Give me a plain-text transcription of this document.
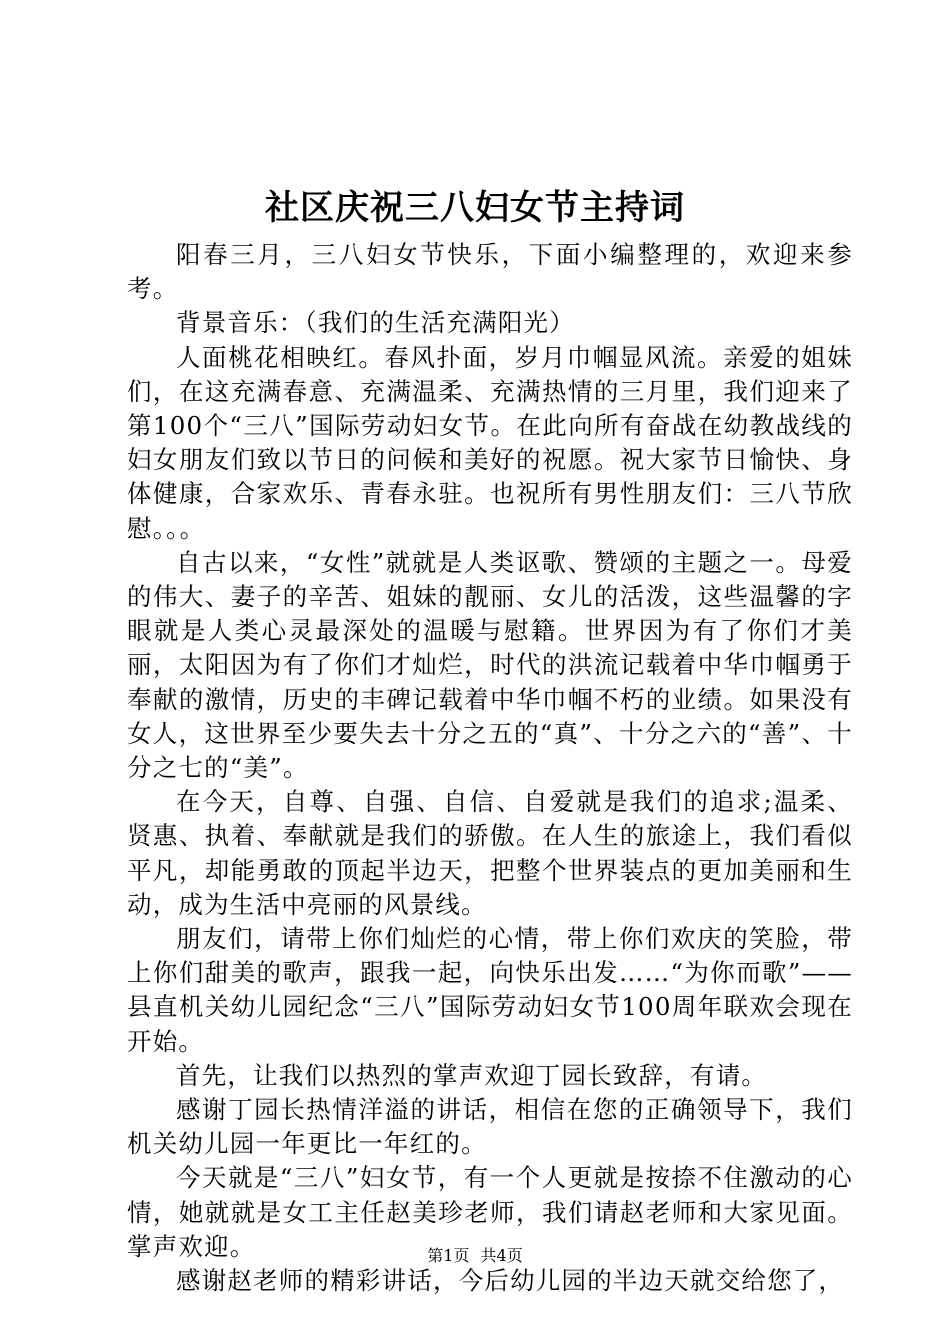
社区庆祝三八妇女节主持词

阳春三月，三八妇女节快乐，下面小编整理的，欢迎来参考。

背景音乐：（我们的生活充满阳光）

人面桃花相映红。春风扑面，岁月巾帼显风流。亲爱的姐妹们，在这充满春意、充满温柔、充满热情的三月里，我们迎来了第100个“三八”国际劳动妇女节。在此向所有奋战在幼教战线的妇女朋友们致以节日的问候和美好的祝愿。祝大家节日愉快、身体健康，合家欢乐、青春永驻。也祝所有男性朋友们：三八节欣慰。。。

自古以来，“女性”就就是人类讴歌、赞颂的主题之一。母爱的伟大、妻子的辛苦、姐妹的靓丽、女儿的活泼，这些温馨的字眼就是人类心灵最深处的温暖与慰籍。世界因为有了你们才美丽，太阳因为有了你们才灿烂，时代的洪流记载着中华巾帼勇于奉献的激情，历史的丰碑记载着中华巾帼不朽的业绩。如果没有女人，这世界至少要失去十分之五的“真”、十分之六的“善”、十分之七的“美”。

在今天，自尊、自强、自信、自爱就是我们的追求;温柔、贤惠、执着、奉献就是我们的骄傲。在人生的旅途上，我们看似平凡，却能勇敢的顶起半边天，把整个世界装点的更加美丽和生动，成为生活中亮丽的风景线。

朋友们，请带上你们灿烂的心情，带上你们欢庆的笑脸，带上你们甜美的歌声，跟我一起，向快乐出发……“为你而歌”——县直机关幼儿园纪念“三八”国际劳动妇女节100周年联欢会现在开始。

首先，让我们以热烈的掌声欢迎丁园长致辞，有请。

感谢丁园长热情洋溢的讲话，相信在您的正确领导下，我们机关幼儿园一年更比一年红的。

今天就是“三八”妇女节，有一个人更就是按捺不住激动的心情，她就就是女工主任赵美珍老师，我们请赵老师和大家见面。掌声欢迎。

感谢赵老师的精彩讲话，今后幼儿园的半边天就交给您了，

第1页 共4页
